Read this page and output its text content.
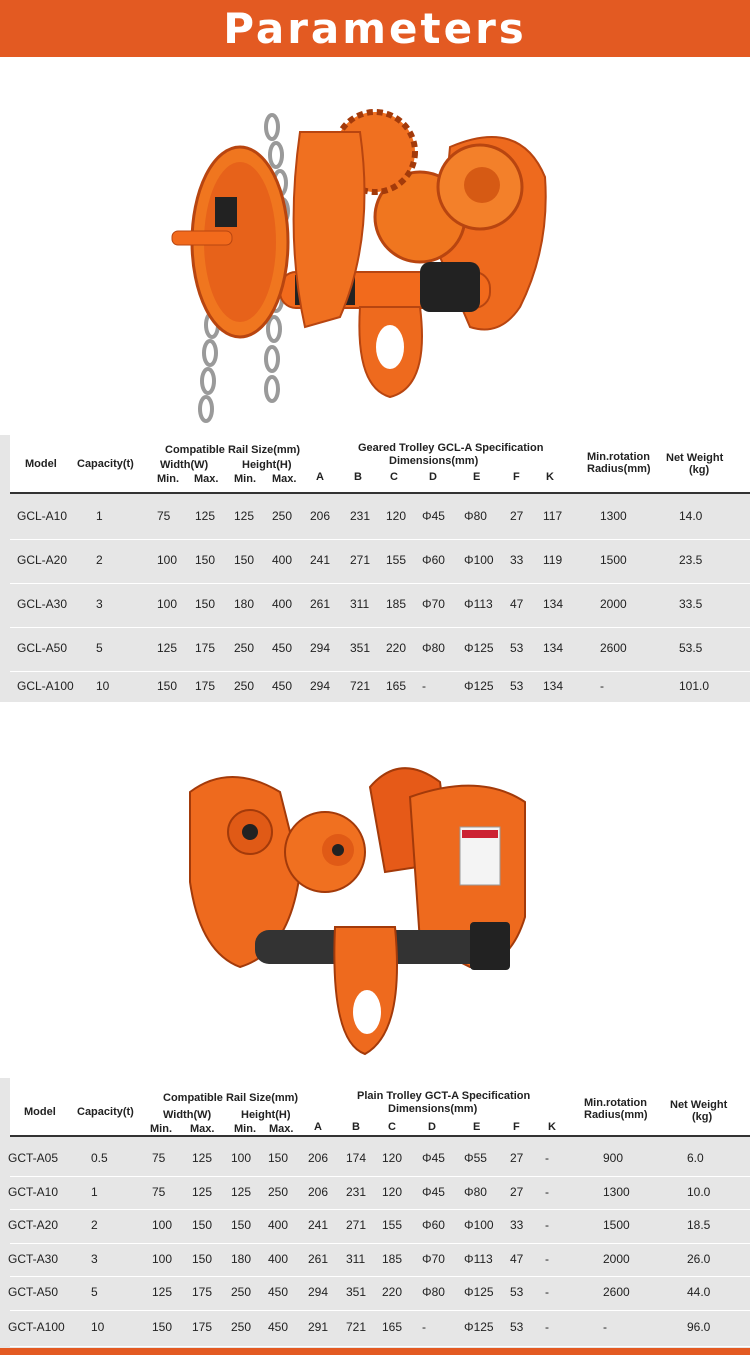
Parameters
Model Capacity(t)
Compatible Rail Size(mm)
Width(W)	Height(H)
Min. Max. Min. Max.
Geared Trolley GCL-A Specification
Dimensions(mm)
A	B	C	D	E	F K
Min.rotation
Radius(mm)
Net Weight
(kg)
GCL-A10 1	75 125 125 250 206 231 120 Φ45 Φ80 27 117	1300	14.0
GCL-A20 2	100 150 150 400 241 271 155 Φ60 Φ100 33 119	1500	23.5
GCL-A30 3	100 150 180 400 261 311 185 Φ70 Φ113 47 134	2000	33.5
GCL-A50 5	125 175 250 450 294 351 220 Φ80 Φ125 53 134	2600	53.5
GCL-A100 10	150 175 250 450 294 721 165 -	Φ125 53 134	-	101.0
Model Capacity(t)
Compatible Rail Size(mm)
Width(W)	Height(H)
Min. Max. Min. Max.
Plain Trolley GCT-A Specification
Dimensions(mm)
A	B	C	D	E	F	K
Min.rotation
Radius(mm)
Net Weight
(kg)
GCT-A05	0.5	75 125 100 150 206 174 120 Φ45 Φ55 27 -	900	6.0
GCT-A10	1	75 125 125 250 206 231 120 Φ45 Φ80 27 -	1300	10.0
GCT-A20	2	100 150 150 400 241 271 155 Φ60 Φ100 33 -	1500	18.5
GCT-A30	3	100 150 180 400 261 311 185 Φ70 Φ113 47 -	2000	26.0
GCT-A50	5	125 175 250 450 294 351 220 Φ80 Φ125 53 -	2600	44.0
GCT-A100 10	150 175 250 450 291 721 165 -	Φ125 53 -	-	96.0
